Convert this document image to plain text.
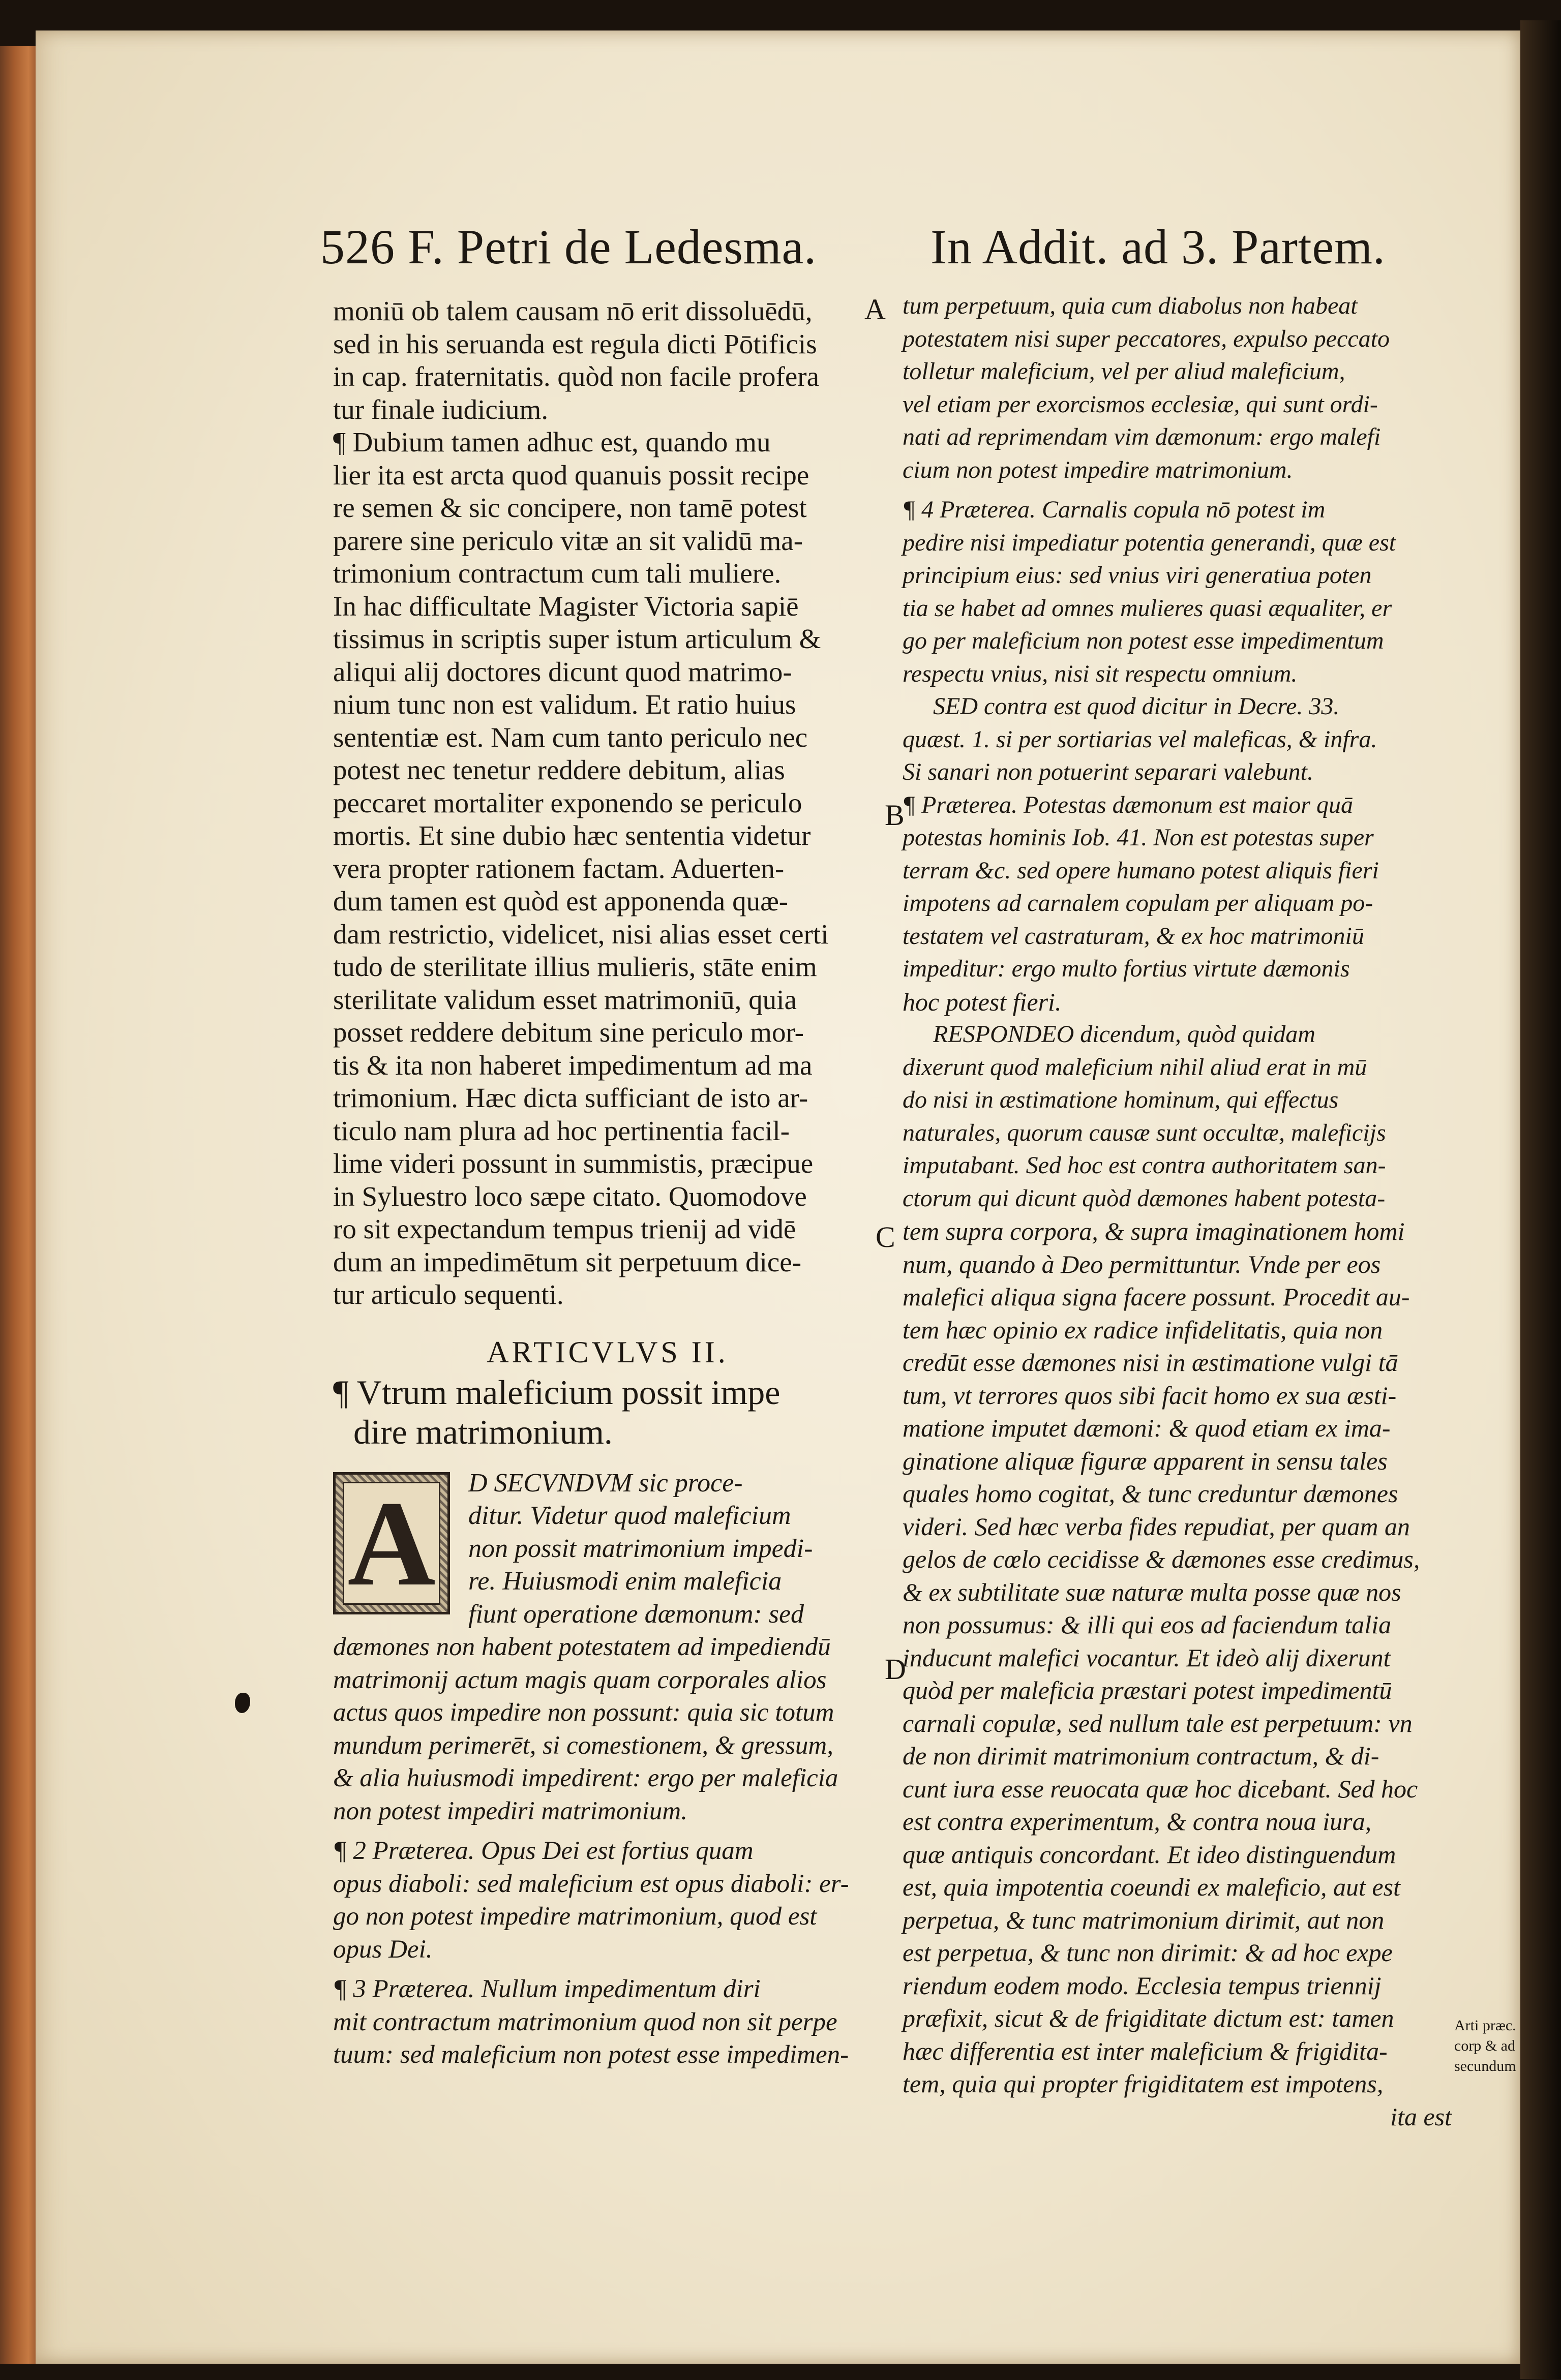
526 F. Petri de Ledesma. In Addit. ad 3. Partem.
A
B
C
D
Arti præc.
corp & ad
secundum
moniū ob talem causam nō erit dissoluēdū,
sed in his seruanda est regula dicti Pōtificis
in cap. fraternitatis. quòd non facile profera
tur finale iudicium.
¶ Dubium tamen adhuc est, quando mu
lier ita est arcta quod quanuis possit recipe
re semen & sic concipere, non tamē potest
parere sine periculo vitæ an sit validū ma-
trimonium contractum cum tali muliere.
In hac difficultate Magister Victoria sapiē
tissimus in scriptis super istum articulum &
aliqui alij doctores dicunt quod matrimo-
nium tunc non est validum. Et ratio huius
sententiæ est. Nam cum tanto periculo nec
potest nec tenetur reddere debitum, alias
peccaret mortaliter exponendo se periculo
mortis. Et sine dubio hæc sententia videtur
vera propter rationem factam. Aduerten-
dum tamen est quòd est apponenda quæ-
dam restrictio, videlicet, nisi alias esset certi
tudo de sterilitate illius mulieris, stāte enim
sterilitate validum esset matrimoniū, quia
posset reddere debitum sine periculo mor-
tis & ita non haberet impedimentum ad ma
trimonium. Hæc dicta sufficiant de isto ar-
ticulo nam plura ad hoc pertinentia facil-
lime videri possunt in summistis, præcipue
in Syluestro loco sæpe citato. Quomodove
ro sit expectandum tempus trienij ad vidē
dum an impedimētum sit perpetuum dice-
tur articulo sequenti.
ARTICVLVS II.
¶ Vtrum maleficium possit impe
dire matrimonium.
A D SECVNDVM sic proce-
ditur. Videtur quod maleficium
non possit matrimonium impedi-
re. Huiusmodi enim maleficia
fiunt operatione dæmonum: sed
dæmones non habent potestatem ad impediendū
matrimonij actum magis quam corporales alios
actus quos impedire non possunt: quia sic totum
mundum perimerēt, si comestionem, & gressum,
& alia huiusmodi impedirent: ergo per maleficia
non potest impediri matrimonium.
¶ 2 Præterea. Opus Dei est fortius quam
opus diaboli: sed maleficium est opus diaboli: er-
go non potest impedire matrimonium, quod est
opus Dei.
¶ 3 Præterea. Nullum impedimentum diri
mit contractum matrimonium quod non sit perpe
tuum: sed maleficium non potest esse impedimen-
tum perpetuum, quia cum diabolus non habeat
potestatem nisi super peccatores, expulso peccato
tolletur maleficium, vel per aliud maleficium,
vel etiam per exorcismos ecclesiæ, qui sunt ordi-
nati ad reprimendam vim dæmonum: ergo malefi
cium non potest impedire matrimonium.
¶ 4 Præterea. Carnalis copula nō potest im
pedire nisi impediatur potentia generandi, quæ est
principium eius: sed vnius viri generatiua poten
tia se habet ad omnes mulieres quasi æqualiter, er
go per maleficium non potest esse impedimentum
respectu vnius, nisi sit respectu omnium.
SED contra est quod dicitur in Decre. 33.
quæst. 1. si per sortiarias vel maleficas, & infra.
Si sanari non potuerint separari valebunt.
¶ Præterea. Potestas dæmonum est maior quā
potestas hominis Iob. 41. Non est potestas super
terram &c. sed opere humano potest aliquis fieri
impotens ad carnalem copulam per aliquam po-
testatem vel castraturam, & ex hoc matrimoniū
impeditur: ergo multo fortius virtute dæmonis
hoc potest fieri.
RESPONDEO dicendum, quòd quidam
dixerunt quod maleficium nihil aliud erat in mū
do nisi in æstimatione hominum, qui effectus
naturales, quorum causæ sunt occultæ, maleficijs
imputabant. Sed hoc est contra authoritatem san-
ctorum qui dicunt quòd dæmones habent potesta-
tem supra corpora, & supra imaginationem homi
num, quando à Deo permittuntur. Vnde per eos
malefici aliqua signa facere possunt. Procedit au-
tem hæc opinio ex radice infidelitatis, quia non
credūt esse dæmones nisi in æstimatione vulgi tā
tum, vt terrores quos sibi facit homo ex sua æsti-
matione imputet dæmoni: & quod etiam ex ima-
ginatione aliquæ figuræ apparent in sensu tales
quales homo cogitat, & tunc creduntur dæmones
videri. Sed hæc verba fides repudiat, per quam an
gelos de cœlo cecidisse & dæmones esse credimus,
& ex subtilitate suæ naturæ multa posse quæ nos
non possumus: & illi qui eos ad faciendum talia
inducunt malefici vocantur. Et ideò alij dixerunt
quòd per maleficia præstari potest impedimentū
carnali copulæ, sed nullum tale est perpetuum: vn
de non dirimit matrimonium contractum, & di-
cunt iura esse reuocata quæ hoc dicebant. Sed hoc
est contra experimentum, & contra noua iura,
quæ antiquis concordant. Et ideo distinguendum
est, quia impotentia coeundi ex maleficio, aut est
perpetua, & tunc matrimonium dirimit, aut non
est perpetua, & tunc non dirimit: & ad hoc expe
riendum eodem modo. Ecclesia tempus triennij
præfixit, sicut & de frigiditate dictum est: tamen
hæc differentia est inter maleficium & frigidita-
tem, quia qui propter frigiditatem est impotens,
ita est
